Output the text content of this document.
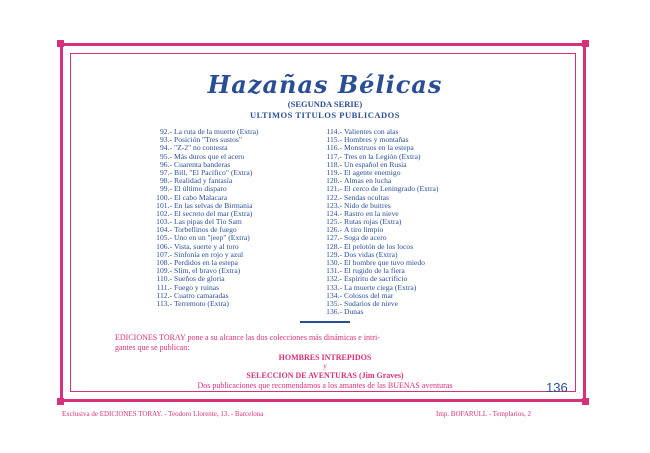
Hazañas Bélicas
(SEGUNDA SERIE)
ULTIMOS TITULOS PUBLICADOS
92.- La ruta de la muerte (Extra)
93.- Posición "Tres sustos"
94.- "Z-2" no contesta
95.- Más duros que el acero
96.- Cuarenta banderas
97.- Bill, "El Pacífico" (Extra)
98.- Realidad y fantasía
99.- El último disparo
100.- El cabo Malacara
101.- En las selvas de Birmania
102.- El secreto del mar (Extra)
103.- Las pipas del Tío Sam
104.- Torbellinos de fuego
105.- Uno en un "jeep" (Extra)
106.- Vista, suerte y al toro
107.- Sinfonía en rojo y azul
108.- Perdidos en la estepa
109.- Slim, el bravo (Extra)
110.- Sueños de gloria
111.- Fuego y ruinas
112.- Cuatro camaradas
113.- Terremoto (Extra)
114.- Valientes con alas
115.- Hombres y montañas
116.- Monstruos en la estepa
117.- Tres en la Legión (Extra)
118.- Un español en Rusia
119.- El agente enemigo
120.- Almas en lucha
121.- El cerco de Leningrado (Extra)
122.- Sendas ocultas
123.- Nido de buitres
124.- Rastro en la nieve
125.- Rutas rojas (Extra)
126.- A tiro limpio
127.- Soga de acero
128.- El pelotón de los locos
129.- Dos vidas (Extra)
130.- El hombre que tuvo miedo
131.- El rugido de la fiera
132.- Espíritu de sacrificio
133.- La muerte ciega (Extra)
134.- Colosos del mar
135.- Sudarios de nieve
136.- Dunas
EDICIONES TORAY pone a su alcance las dos colecciones más dinámicas e intri-
gantes que se publican:
HOMBRES INTREPIDOS
y
SELECCION DE AVENTURAS (Jim Graves)
Dos publicaciones que recomendamos a los amantes de las BUENAS aventuras	136
Exclusiva de EDICIONES TORAY. - Teodoro Llorente, 13. - Barcelona	Imp. BOFARULL - Templarios, 2
